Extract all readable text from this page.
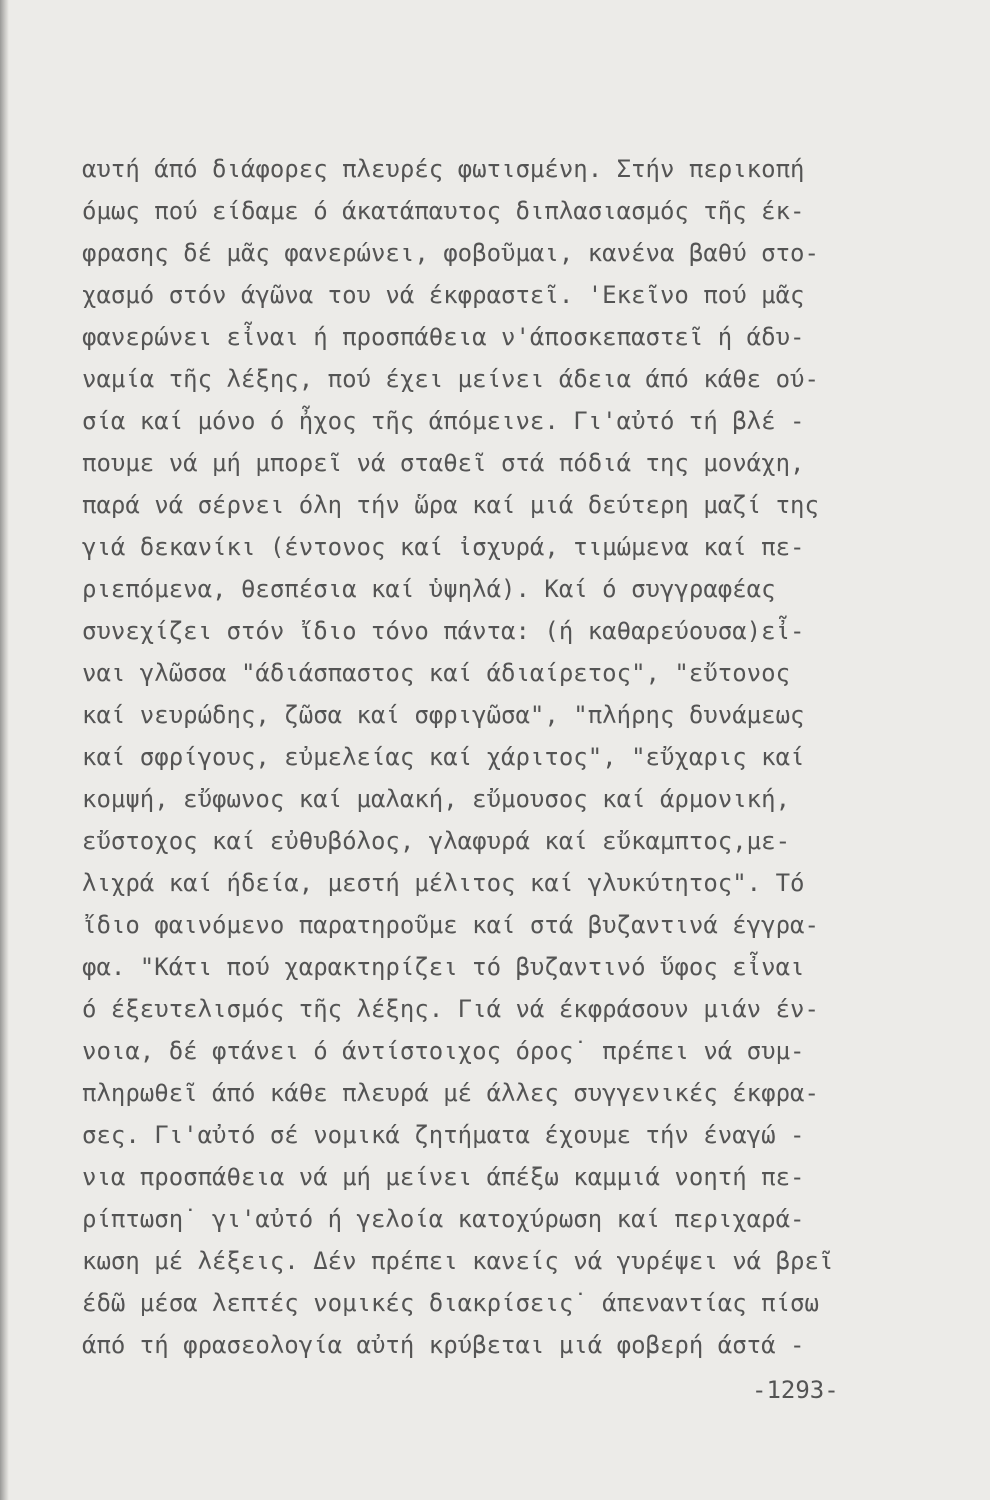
αυτή άπό διάφορες πλευρές φωτισμένη. Στήν περικοπή

όμως πού είδαμε ό άκατάπαυτος διπλασιασμός τῆς έκ-

φρασης δέ μᾶς φανερώνει, φοβοῦμαι, κανένα βαθύ στο-

χασμό στόν άγῶνα του νά έκφραστεῖ. 'Εκεῖνο πού μᾶς

φανερώνει εἶναι ή προσπάθεια ν'άποσκεπαστεῖ ή άδυ-

ναμία τῆς λέξης, πού έχει μείνει άδεια άπό κάθε ού-

σία καί μόνο ό ἦχος τῆς άπόμεινε. Γι'αὐτό τή βλέ -

πουμε νά μή μπορεῖ νά σταθεῖ στά πόδιά της μονάχη,

παρά νά σέρνει όλη τήν ὥρα καί μιά δεύτερη μαζί της

γιά δεκανίκι (έντονος καί ἰσχυρά, τιμώμενα καί πε-

ριεπόμενα, θεσπέσια καί ὑψηλά). Καί ό συγγραφέας

συνεχίζει στόν ἴδιο τόνο πάντα: (ή καθαρεύουσα)εἶ-

ναι γλῶσσα "άδιάσπαστος καί άδιαίρετος", "εὔτονος

καί νευρώδης, ζῶσα καί σφριγῶσα", "πλήρης δυνάμεως

καί σφρίγους, εὐμελείας καί χάριτος", "εὔχαρις καί

κομψή, εὔφωνος καί μαλακή, εὔμουσος καί άρμονική,

εὔστοχος καί εὐθυβόλος, γλαφυρά καί εὔκαμπτος,με-

λιχρά καί ήδεία, μεστή μέλιτος καί γλυκύτητος". Τό

ἴδιο φαινόμενο παρατηροῦμε καί στά βυζαντινά έγγρα-

φα. "Κάτι πού χαρακτηρίζει τό βυζαντινό ὕφος εἶναι

ό έξευτελισμός τῆς λέξης. Γιά νά έκφράσουν μιάν έν-

νοια, δέ φτάνει ό άντίστοιχος όρος˙ πρέπει νά συμ-

πληρωθεῖ άπό κάθε πλευρά μέ άλλες συγγενικές έκφρα-

σες. Γι'αὐτό σέ νομικά ζητήματα έχουμε τήν έναγώ -

νια προσπάθεια νά μή μείνει άπέξω καμμιά νοητή πε-

ρίπτωση˙ γι'αὐτό ή γελοία κατοχύρωση καί περιχαρά-

κωση μέ λέξεις. Δέν πρέπει κανείς νά γυρέψει νά βρεῖ

έδῶ μέσα λεπτές νομικές διακρίσεις˙ άπεναντίας πίσω

άπό τή φρασεολογία αὐτή κρύβεται μιά φοβερή άστά -

-1293-
